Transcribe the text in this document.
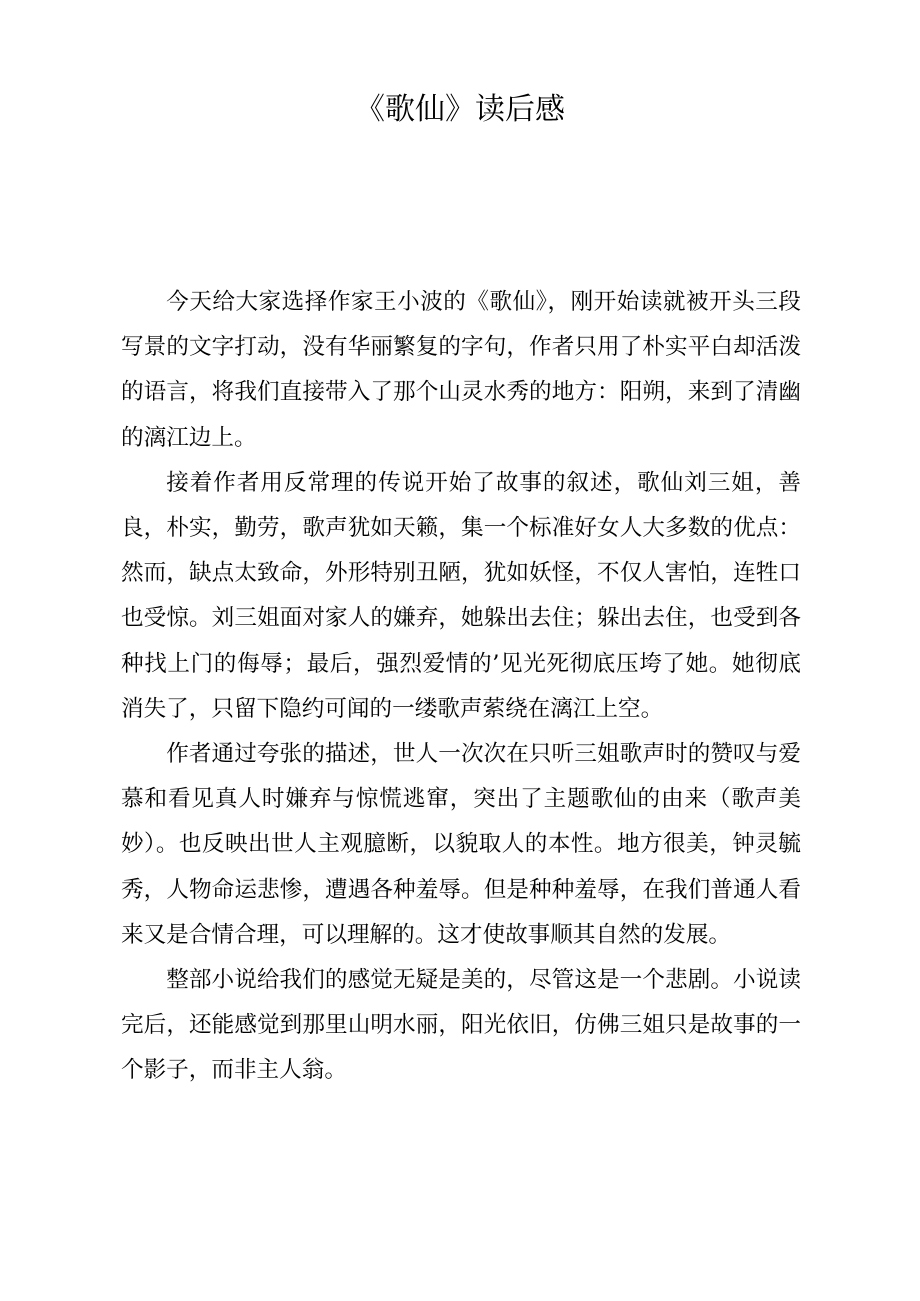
《歌仙》读后感

今天给大家选择作家王小波的《歌仙》，刚开始读就被开头三段写景的文字打动，没有华丽繁复的字句，作者只用了朴实平白却活泼的语言，将我们直接带入了那个山灵水秀的地方：阳朔，来到了清幽的漓江边上。

接着作者用反常理的传说开始了故事的叙述，歌仙刘三姐，善良，朴实，勤劳，歌声犹如天籁，集一个标准好女人大多数的优点：然而，缺点太致命，外形特别丑陋，犹如妖怪，不仅人害怕，连牲口也受惊。刘三姐面对家人的嫌弃，她躲出去住；躲出去住，也受到各种找上门的侮辱；最后，强烈爱情的’见光死彻底压垮了她。她彻底消失了，只留下隐约可闻的一缕歌声萦绕在漓江上空。

作者通过夸张的描述，世人一次次在只听三姐歌声时的赞叹与爱慕和看见真人时嫌弃与惊慌逃窜，突出了主题歌仙的由来（歌声美妙）。也反映出世人主观臆断，以貌取人的本性。地方很美，钟灵毓秀，人物命运悲惨，遭遇各种羞辱。但是种种羞辱，在我们普通人看来又是合情合理，可以理解的。这才使故事顺其自然的发展。

整部小说给我们的感觉无疑是美的，尽管这是一个悲剧。小说读完后，还能感觉到那里山明水丽，阳光依旧，仿佛三姐只是故事的一个影子，而非主人翁。
